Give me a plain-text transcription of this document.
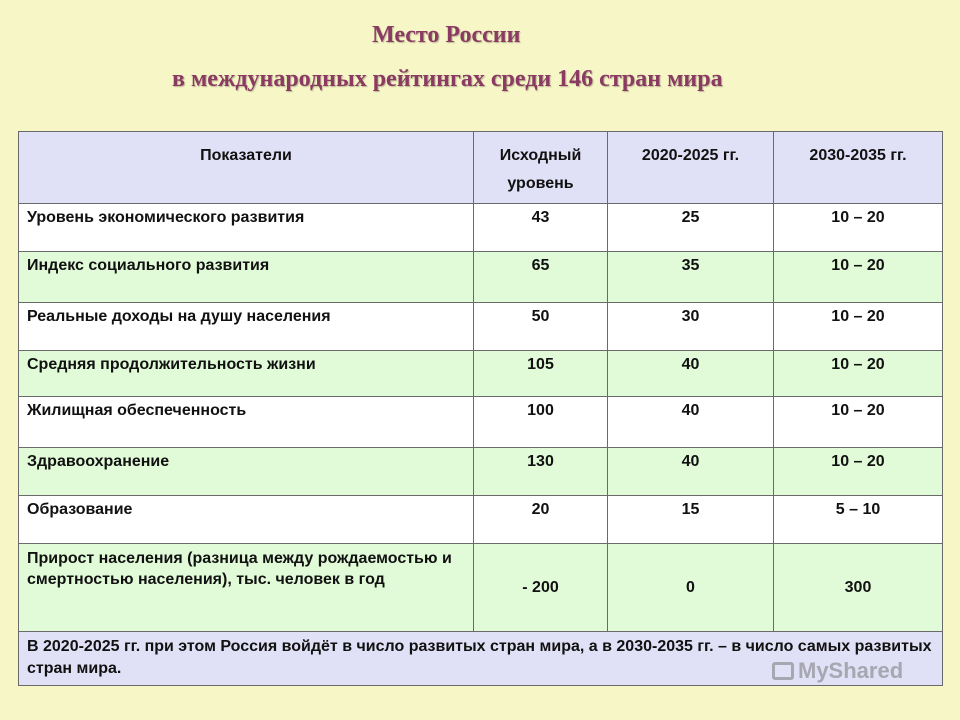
Место России
в международных рейтингах среди 146 стран мира
Показатели	Исходный уровень	2020-2025 гг.	2030-2035 гг.
Уровень экономического развития	43	25	10 – 20
Индекс социального развития	65	35	10 – 20
Реальные доходы на душу населения	50	30	10 – 20
Средняя продолжительность жизни	105	40	10 – 20
Жилищная обеспеченность	100	40	10 – 20
Здравоохранение	130	40	10 – 20
Образование	20	15	5 – 10
Прирост населения (разница между рождаемостью и смертностью населения), тыс. человек в год	- 200	0	300
В 2020-2025 гг. при этом Россия войдёт в число развитых стран мира, а в 2030-2035 гг. – в число самых развитых стран мира.				MyShared
